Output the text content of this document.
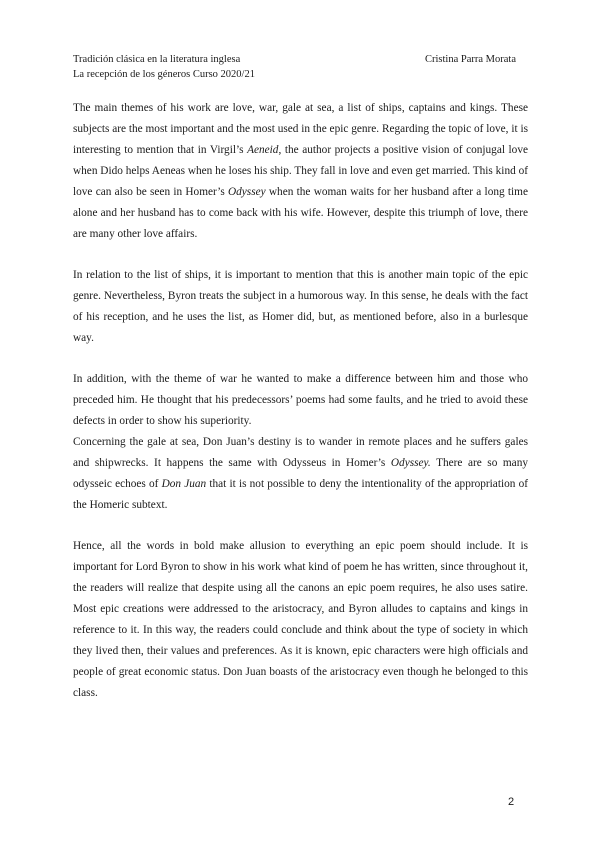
Tradición clásica en la literatura inglesa	Cristina Parra Morata
La recepción de los géneros Curso 2020/21

The main themes of his work are love, war, gale at sea, a list of ships, captains and kings. These subjects are the most important and the most used in the epic genre. Regarding the topic of love, it is interesting to mention that in Virgil’s Aeneid, the author projects a positive vision of conjugal love when Dido helps Aeneas when he loses his ship. They fall in love and even get married. This kind of love can also be seen in Homer’s Odyssey when the woman waits for her husband after a long time alone and her husband has to come back with his wife. However, despite this triumph of love, there are many other love affairs.

In relation to the list of ships, it is important to mention that this is another main topic of the epic genre. Nevertheless, Byron treats the subject in a humorous way. In this sense, he deals with the fact of his reception, and he uses the list, as Homer did, but, as mentioned before, also in a burlesque way.

In addition, with the theme of war he wanted to make a difference between him and those who preceded him. He thought that his predecessors’ poems had some faults, and he tried to avoid these defects in order to show his superiority.

Concerning the gale at sea, Don Juan’s destiny is to wander in remote places and he suffers gales and shipwrecks. It happens the same with Odysseus in Homer’s Odyssey. There are so many odysseic echoes of Don Juan that it is not possible to deny the intentionality of the appropriation of the Homeric subtext.

Hence, all the words in bold make allusion to everything an epic poem should include. It is important for Lord Byron to show in his work what kind of poem he has written, since throughout it, the readers will realize that despite using all the canons an epic poem requires, he also uses satire. Most epic creations were addressed to the aristocracy, and Byron alludes to captains and kings in reference to it. In this way, the readers could conclude and think about the type of society in which they lived then, their values and preferences. As it is known, epic characters were high officials and people of great economic status. Don Juan boasts of the aristocracy even though he belonged to this class.

2
